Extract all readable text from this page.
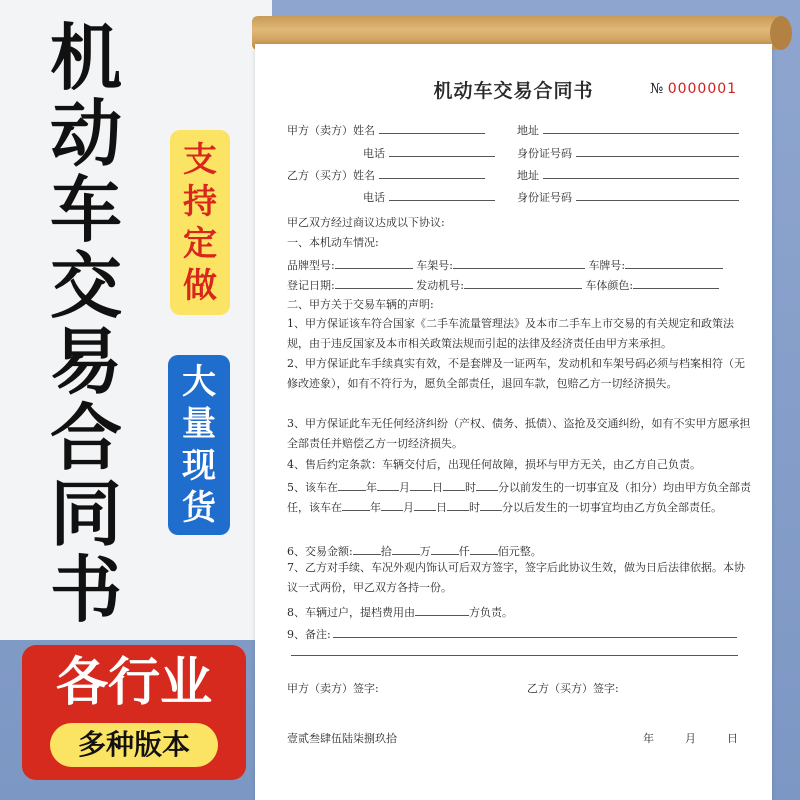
机
动
车
交
易
合
同
书
支
持
定
做
大
量
现
货
各行业
多种版本
机动车交易合同书	№ 0000001
甲方（卖方）姓名	地址
电话	身份证号码
乙方（买方）姓名	地址
电话	身份证号码
甲乙双方经过商议达成以下协议:
一、本机动车情况:
品牌型号:	车架号:	车牌号:
登记日期:	发动机号:	车体颜色:
二、甲方关于交易车辆的声明:
1、甲方保证该车符合国家《二手车流量管理法》及本市二手车上市交易的有关规定和政策法规，由于违反国家及本市相关政策法规而引起的法律及经济责任由甲方来承担。
2、甲方保证此车手续真实有效，不是套牌及一证两车，发动机和车架号码必须与档案相符（无修改迹象），如有不符行为，愿负全部责任，退回车款，包赔乙方一切经济损失。
3、甲方保证此车无任何经济纠纷（产权、债务、抵债）、盗抢及交通纠纷，如有不实甲方愿承担全部责任并赔偿乙方一切经济损失。
4、售后约定条款：车辆交付后，出现任何故障，损坏与甲方无关，由乙方自己负责。
5、该车在	年 月 日 时 分以前发生的一切事宜及（扣分）均由甲方负全部责任，该车在	年 月 日 时 分以后发生的一切事宜均由乙方负全部责任。
6、交易金额:	拾	万	仟	佰元整。
7、乙方对手续、车况外观内饰认可后双方签字，签字后此协议生效，做为日后法律依据。本协议一式两份，甲乙双方各持一份。
8、车辆过户，提档费用由	方负责。
9、备注:
甲方（卖方）签字:	乙方（买方）签字:
壹贰叁肆伍陆柒捌玖拾	年	月	日
